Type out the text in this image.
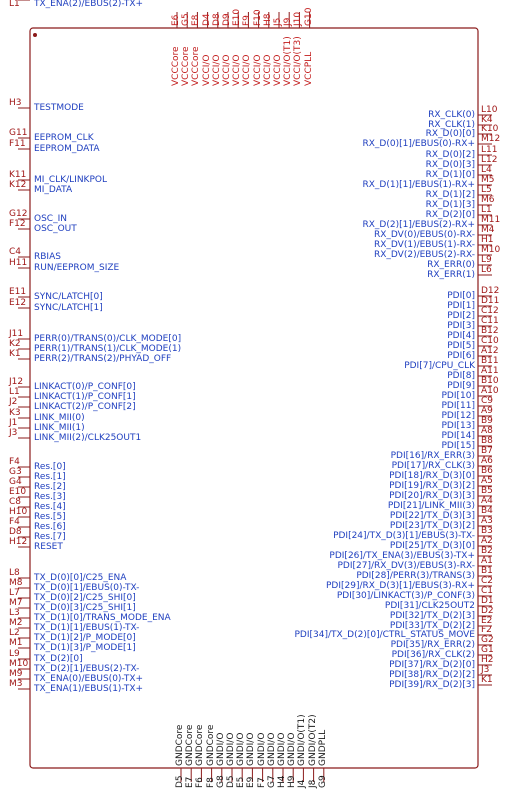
H3 TESTMODE
G11 EEPROM_CLK
F11 EEPROM_DATA
K11 MI_CLK/LINKPOL
K12 MI_DATA
G12 OSC_IN
F12 OSC_OUT
C4 RBIAS
H11 RUN/EEPROM_SIZE
E11 SYNC/LATCH[0]
E12 SYNC/LATCH[1]
J11 PERR(0)/TRANS(0)/CLK_MODE[0]
K2 PERR(1)/TRANS(1)/CLK_MODE(1)
K1 PERR(2)/TRANS(2)/PHYAD_OFF
J12 LINKACT(0)/P_CONF[0]
L1 LINKACT(1)/P_CONF[1]
J2 LINKACT(2)/P_CONF[2]
K3 LINK_MII(0)
J1 LINK_MII(1)
J3 LINK_MII(2)/CLK25OUT1
F4 Res.[0]
G3 Res.[1]
G4 Res.[2]
E10 Res.[3]
C8 Res.[4]
H10 Res.[5]
F4 Res.[6]
D8 Res.[7]
H12 RESET
L8 TX_D(0)[0]/C25_ENA
M8 TX_D(0)[1]/EBUS(0)-TX-
L7 TX_D(0)[2]/C25_SHI[0]
M7 TX_D(0)[3]/C25_SHI[1]
L3 TX_D(1)[0]/TRANS_MODE_ENA
M2 TX_D(1)[1]/EBUS(1)-TX-
L2 TX_D(1)[2]/P_MODE[0]
M1 TX_D(1)[3]/P_MODE[1]
L9 TX_D(2)[0]
M10 TX_D(2)[1]/EBUS(2)-TX-
M9 TX_ENA(0)/EBUS(0)-TX+
M3 TX_ENA(1)/EBUS(1)-TX+
L1 TX_ENA(2)/EBUS(2)-TX+
L10
RX_CLK(0) K4
RX_CLK(1) K10
RX_D(0)[0] M12
RX_D(0)[1]/EBUS(0)-RX+
L11
RX_D(0)[2] L12
RX_D(0)[3] L4
RX_D(1)[0] M5
RX_D(1)[1]/EBUS(1)-RX+ L5
RX_D(1)[2] M6
RX_D(1)[3] L1
RX_D(2)[0] M11
RX_D(2)[1]/EBUS(2)-RX+ M4
RX_DV(0)/EBUS(0)-RX- H1
RX_DV(1)/EBUS(1)-RX- M10
RX_DV(2)/EBUS(2)-RX- L9
RX_ERR(0) L6
RX_ERR(1)
D12
PDI[0] D11
PDI[1] C12
PDI[2] C11
PDI[3] B12
PDI[4] C10
PDI[5] A12
PDI[6] B11
PDI[7]/CPU_CLK A11
PDI[8] B10
PDI[9] A10
PDI[10] C9
PDI[11] A9
PDI[12] B9
PDI[13] A8
PDI[14] B8
PDI[15] B7
PDI[16]/RX_ERR(3) A6
PDI[17]/RX_CLK(3) B6
PDI[18]/RX_D(3)[0] A5
PDI[19]/RX_D(3)[2] B5
PDI[20]/RX_D(3)[3] A4
PDI[21]/LINK_MII(3) B4
PDI[22]/TX_D(3)[3] A3
PDI[23]/TX_D(3)[2] B3
PDI[24]/TX_D(3)[1]/EBUS(3)-TX- A2
PDI[25]/TX_D(3)[0] B2
PDI[26]/TX_ENA(3)/EBUS(3)-TX+ A1
PDI[27]/RX_DV(3)/EBUS(3)-RX- B1
PDI[28]/PERR(3)/TRANS(3) C2
PDI[29]/RX_D(3)[1]/EBUS(3)-RX+ C1
PDI[30]/LINKACT(3)/P_CONF(3) D1
PDI[31]/CLK25OUT2 D2
PDI[32]/TX_D(2)[3] E2
PDI[33]/TX_D(2)[2] F2
PDI[34]/TX_D(2)[0]/CTRL_STATUS_MOVE G2
PDI[35]/RX_ERR(2) G1
PDI[36]/RX_CLK(2) H2
PDI[37]/RX_D(2)[0] J3
PDI[38]/RX_D(2)[2] K1
PDI[39]/RX_D(2)[3]
E6
VCCCore
G5
VCCCore
E8
VCCCore
D4
VCCI/O
D8
VCCI/O
D9
VCCI/O
E10
VCCI/O
F9
VCCI/O
F10
VCCI/O
H8
VCCI/O
J5
VCCI/O
J9
VCCI/O(T1)
J10
VCCI/O(T3)
G10
VCCPLL
GNDCore
D5
GNDCore
E7
GNDCore
F6
GNDCore
F8
GNDI/O
G8
GNDI/O
D5
GNDI/O
E5
GNDI/O
E9
GNDI/O
F7
GNDI/O
G7
GNDI/O
H4
GNDI/O
H9
GNDI/O(T1)
J4
GNDI/O(T2)
J8
GNDPLL
G9
